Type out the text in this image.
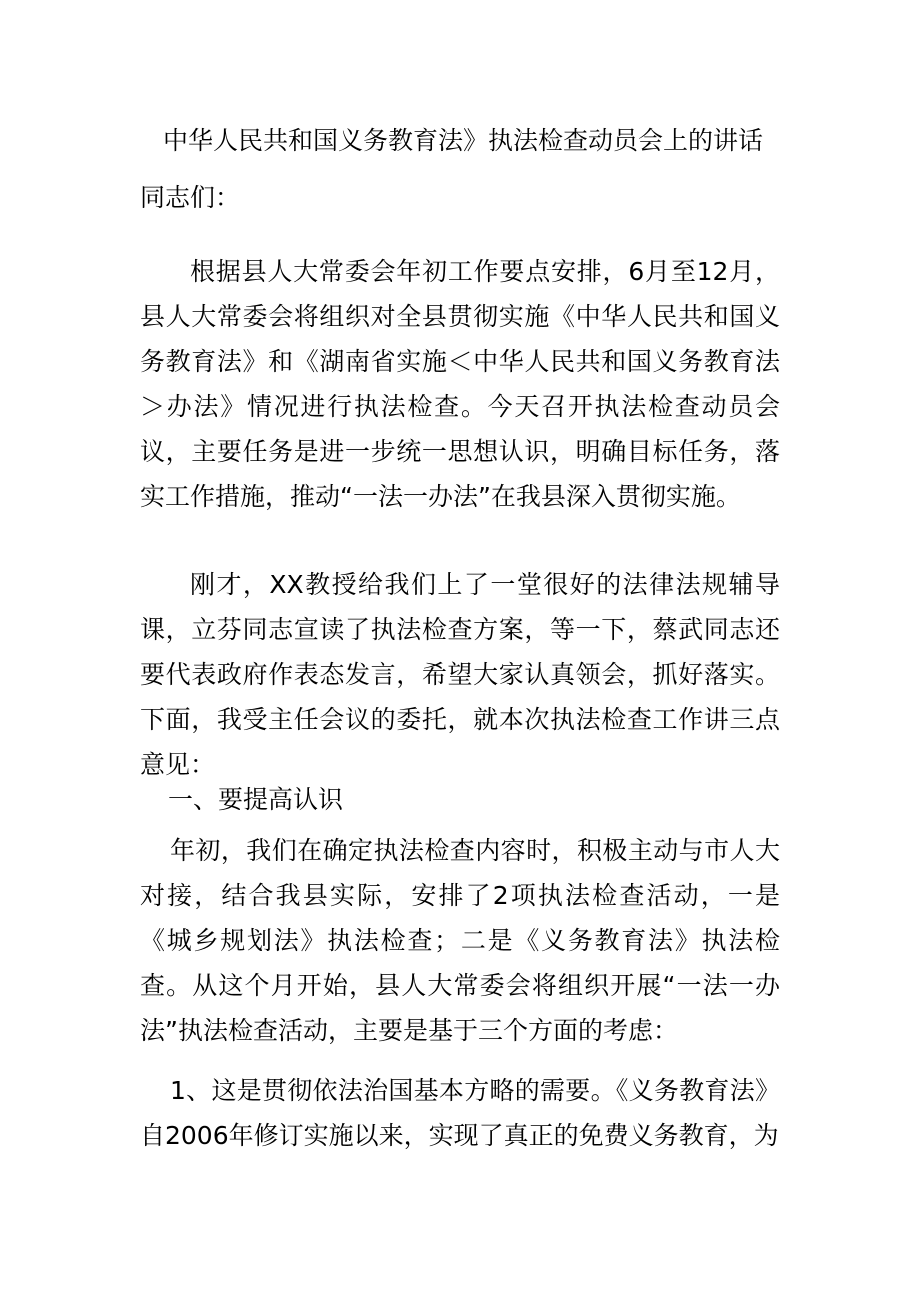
中华人民共和国义务教育法》执法检查动员会上的讲话
同志们：

根据县人大常委会年初工作要点安排，6月至12月，县人大常委会将组织对全县贯彻实施《中华人民共和国义务教育法》和《湖南省实施＜中华人民共和国义务教育法＞办法》情况进行执法检查。今天召开执法检查动员会议，主要任务是进一步统一思想认识，明确目标任务，落实工作措施，推动“一法一办法”在我县深入贯彻实施。

刚才，XX教授给我们上了一堂很好的法律法规辅导课，立芬同志宣读了执法检查方案，等一下，蔡武同志还要代表政府作表态发言，希望大家认真领会，抓好落实。下面，我受主任会议的委托，就本次执法检查工作讲三点意见：

一、要提高认识

年初，我们在确定执法检查内容时，积极主动与市人大对接，结合我县实际，安排了2项执法检查活动，一是《城乡规划法》执法检查；二是《义务教育法》执法检查。从这个月开始，县人大常委会将组织开展“一法一办法”执法检查活动，主要是基于三个方面的考虑：

1、这是贯彻依法治国基本方略的需要。《义务教育法》自2006年修订实施以来，实现了真正的免费义务教育，为
